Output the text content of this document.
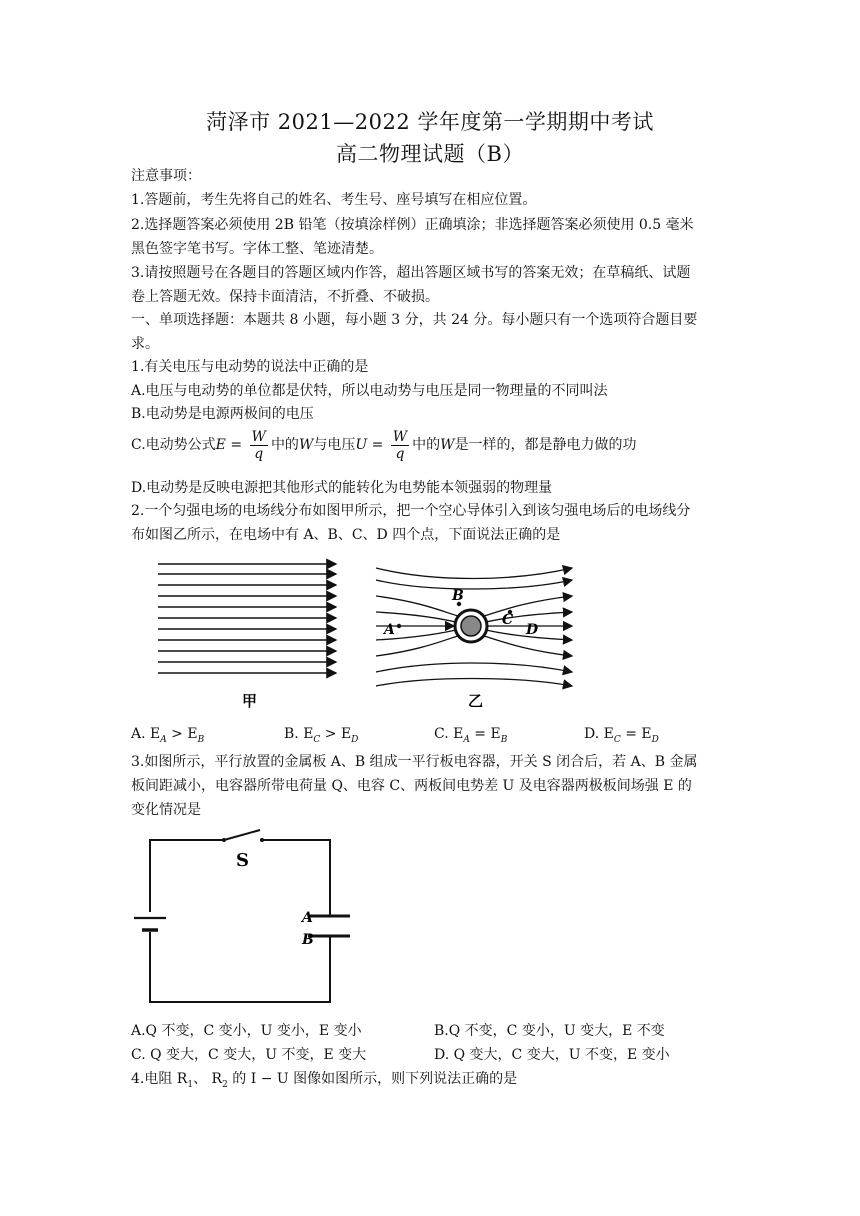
菏泽市 2021—2022 学年度第一学期期中考试
高二物理试题（B）
注意事项：
1.答题前，考生先将自己的姓名、考生号、座号填写在相应位置。
2.选择题答案必须使用 2B 铅笔（按填涂样例）正确填涂；非选择题答案必须使用 0.5 毫米
黑色签字笔书写。字体工整、笔迹清楚。
3.请按照题号在各题目的答题区域内作答，超出答题区域书写的答案无效；在草稿纸、试题
卷上答题无效。保持卡面清洁，不折叠、不破损。
一、单项选择题：本题共 8 小题，每小题 3 分，共 24 分。每小题只有一个选项符合题目要
求。
1.有关电压与电动势的说法中正确的是
A.电压与电动势的单位都是伏特，所以电动势与电压是同一物理量的不同叫法
B.电动势是电源两极间的电压
C.电动势公式$E = \frac{W}{q}$ 中的W与电压$U = \frac{W}{q}$ 中的W是一样的，都是静电力做的功
D.电动势是反映电源把其他形式的能转化为电势能本领强弱的物理量
2.一个匀强电场的电场线分布如图甲所示，把一个空心导体引入到该匀强电场后的电场线分
布如图乙所示，在电场中有 A、B、C、D 四个点，下面说法正确的是
甲
B
C
A	D
乙
A. $E_A > E_B$	B. $E_C > E_D$	C. $E_A = E_B$	D. $E_C = E_D$
3.如图所示，平行放置的金属板 A、B 组成一平行板电容器，开关 S 闭合后，若 A、B 金属
板间距减小，电容器所带电荷量 Q、电容 C、两板间电势差 U 及电容器两极板间场强 E 的
变化情况是
S
A
B
A.Q 不变，C 变小，U 变小，E 变小	B.Q 不变，C 变小，U 变大，E 不变
C. Q 变大，C 变大，U 不变，E 变大	D. Q 变大，C 变大，U 不变，E 变小
4.电阻 $R_1$、 $R_2$ 的 I − U 图像如图所示，则下列说法正确的是
